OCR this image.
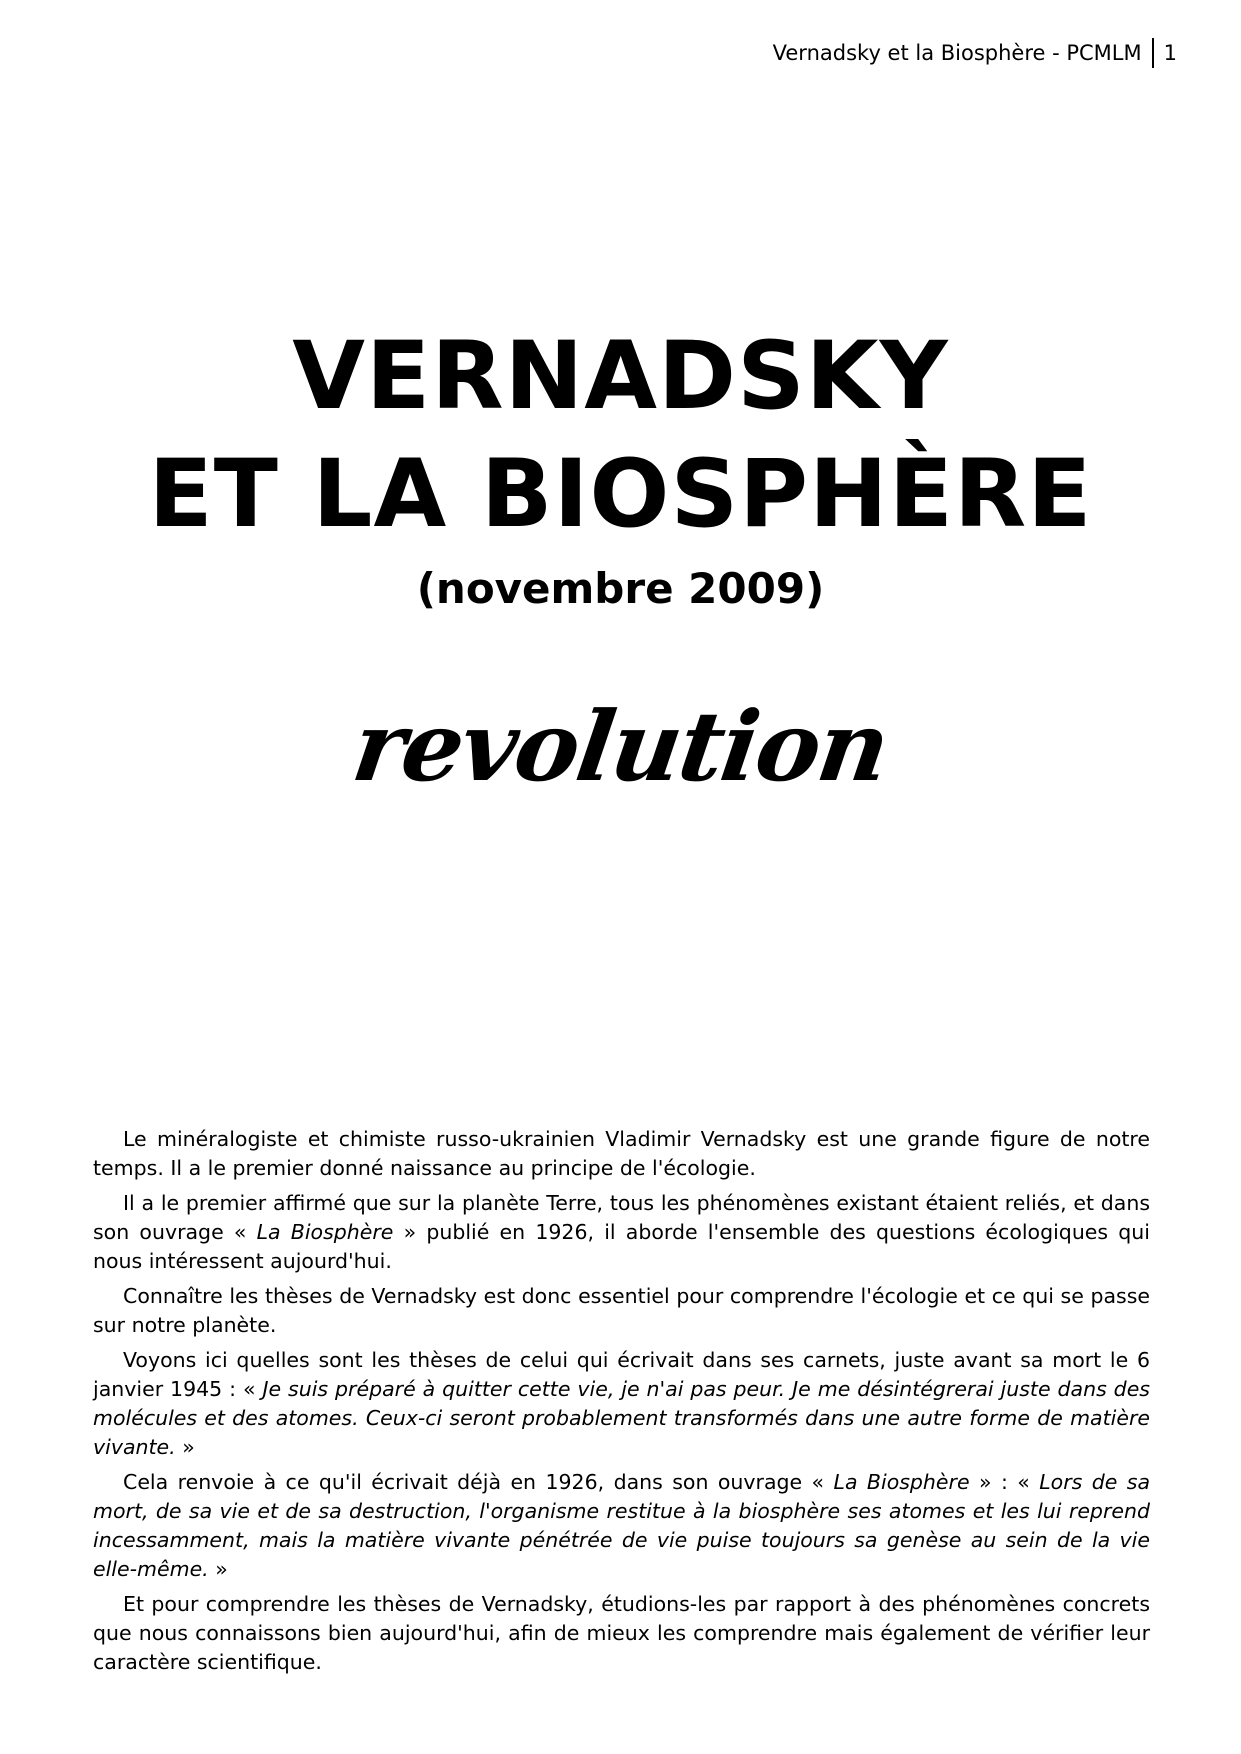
Vernadsky et la Biosphère - PCMLM 1
VERNADSKY
ET LA BIOSPHÈRE
(novembre 2009)
revolution

Le minéralogiste et chimiste russo-ukrainien Vladimir Vernadsky est une grande figure de notre temps. Il a le premier donné naissance au principe de l'écologie.

Il a le premier affirmé que sur la planète Terre, tous les phénomènes existant étaient reliés, et dans son ouvrage « La Biosphère » publié en 1926, il aborde l'ensemble des questions écologiques qui nous intéressent aujourd'hui.

Connaître les thèses de Vernadsky est donc essentiel pour comprendre l'écologie et ce qui se passe sur notre planète.

Voyons ici quelles sont les thèses de celui qui écrivait dans ses carnets, juste avant sa mort le 6 janvier 1945 : « Je suis préparé à quitter cette vie, je n'ai pas peur. Je me désintégrerai juste dans des molécules et des atomes. Ceux-ci seront probablement transformés dans une autre forme de matière vivante. »

Cela renvoie à ce qu'il écrivait déjà en 1926, dans son ouvrage « La Biosphère » : « Lors de sa mort, de sa vie et de sa destruction, l'organisme restitue à la biosphère ses atomes et les lui reprend incessamment, mais la matière vivante pénétrée de vie puise toujours sa genèse au sein de la vie elle-même. »

Et pour comprendre les thèses de Vernadsky, étudions-les par rapport à des phénomènes concrets que nous connaissons bien aujourd'hui, afin de mieux les comprendre mais également de vérifier leur caractère scientifique.
